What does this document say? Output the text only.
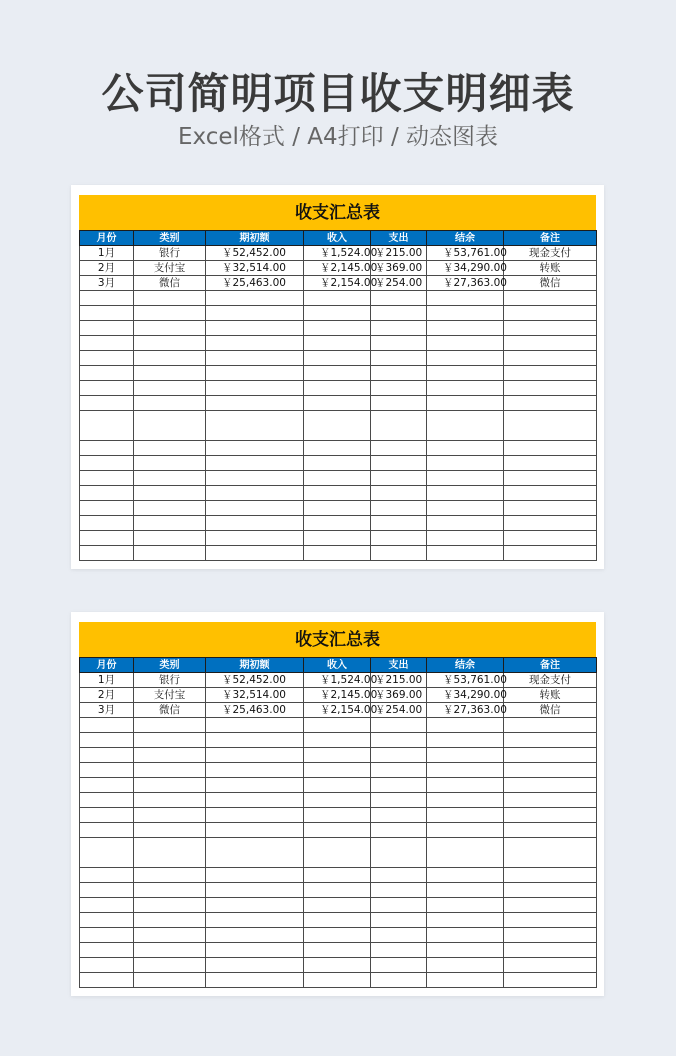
公司简明项目收支明细表
Excel格式 / A4打印 / 动态图表
收支汇总表
月份	类别	期初额	收入	支出	结余	备注
1月	银行	￥52,452.00	￥1,524.00	￥215.00	￥53,761.00	现金支付
2月	支付宝	￥32,514.00	￥2,145.00	￥369.00	￥34,290.00	转账
3月	微信	￥25,463.00	￥2,154.00	￥254.00	￥27,363.00	微信

收支汇总表
月份	类别	期初额	收入	支出	结余	备注
1月	银行	￥52,452.00	￥1,524.00	￥215.00	￥53,761.00	现金支付
2月	支付宝	￥32,514.00	￥2,145.00	￥369.00	￥34,290.00	转账
3月	微信	￥25,463.00	￥2,154.00	￥254.00	￥27,363.00	微信
